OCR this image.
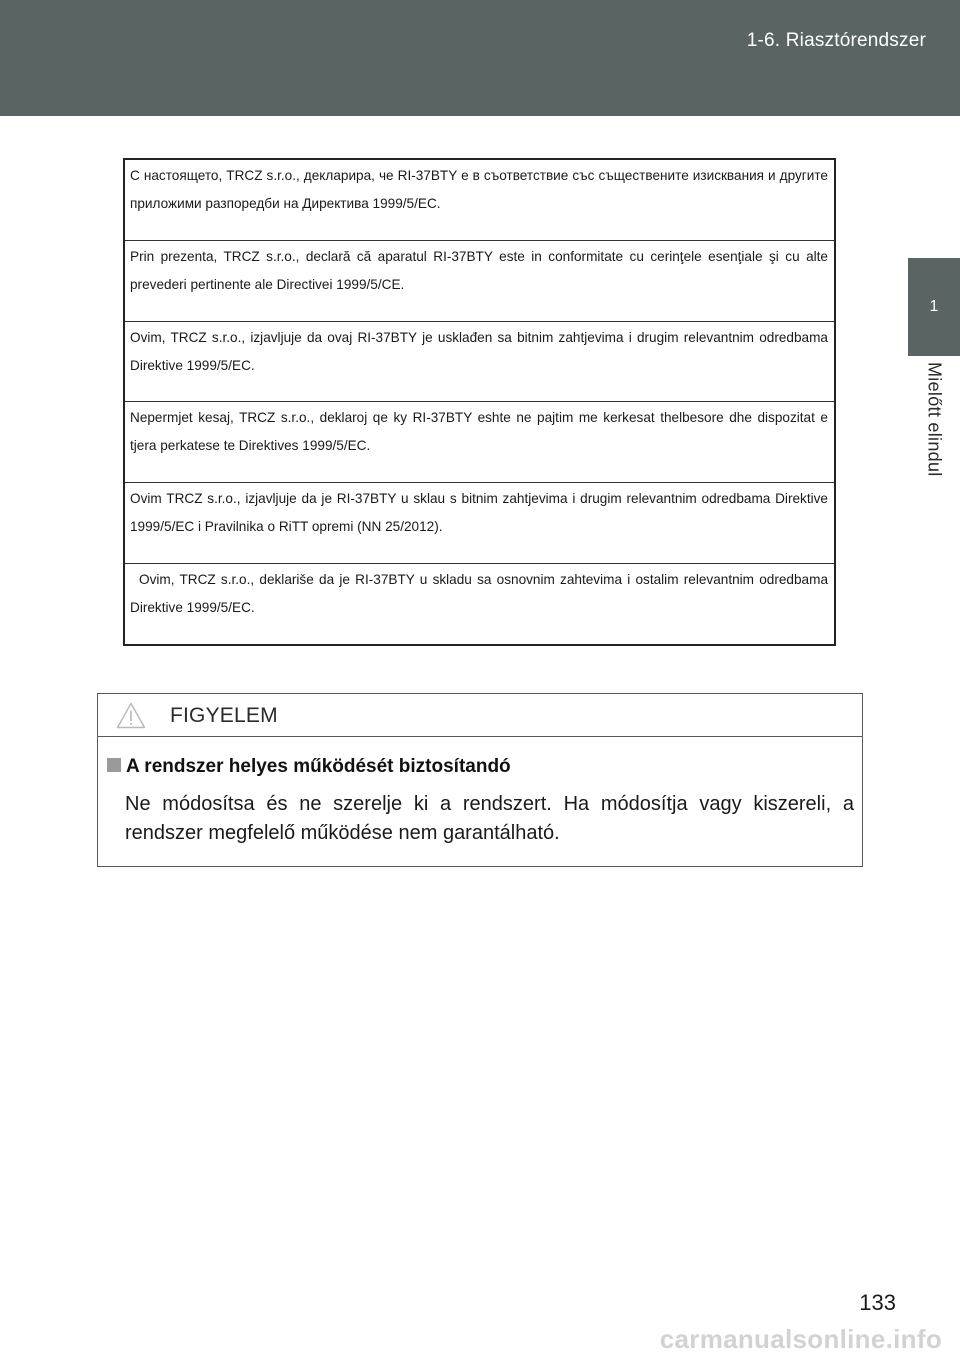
1-6. Riasztórendszer
1
Mielőtt elindul
С настоящето, TRCZ s.r.o., декларира, че RI-37BTY е в съответствие със съществените изисквания и другите приложими разпоредби на Директива 1999/5/EC.
Prin prezenta, TRCZ s.r.o., declară că aparatul RI-37BTY este in conformitate cu cerinţele esenţiale şi cu alte prevederi pertinente ale Directivei 1999/5/CE.
Ovim, TRCZ s.r.o., izjavljuje da ovaj RI-37BTY je usklađen sa bitnim zahtjevima i drugim relevantnim odredbama Direktive 1999/5/EC.
Nepermjet kesaj, TRCZ s.r.o., deklaroj qe ky RI-37BTY eshte ne pajtim me kerkesat thelbesore dhe dispozitat e tjera perkatese te Direktives 1999/5/EC.
Ovim TRCZ s.r.o., izjavljuje da je RI-37BTY u sklau s bitnim zahtjevima i drugim relevantnim odredbama Direktive 1999/5/EC i Pravilnika o RiTT opremi (NN 25/2012).
Ovim, TRCZ s.r.o., deklariše da je RI-37BTY u skladu sa osnovnim zahtevima i ostalim relevantnim odredbama Direktive 1999/5/EC.
FIGYELEM
A rendszer helyes működését biztosítandó
Ne módosítsa és ne szerelje ki a rendszert. Ha módosítja vagy kiszereli, a rendszer megfelelő működése nem garantálható.
133
carmanualsonline.info
